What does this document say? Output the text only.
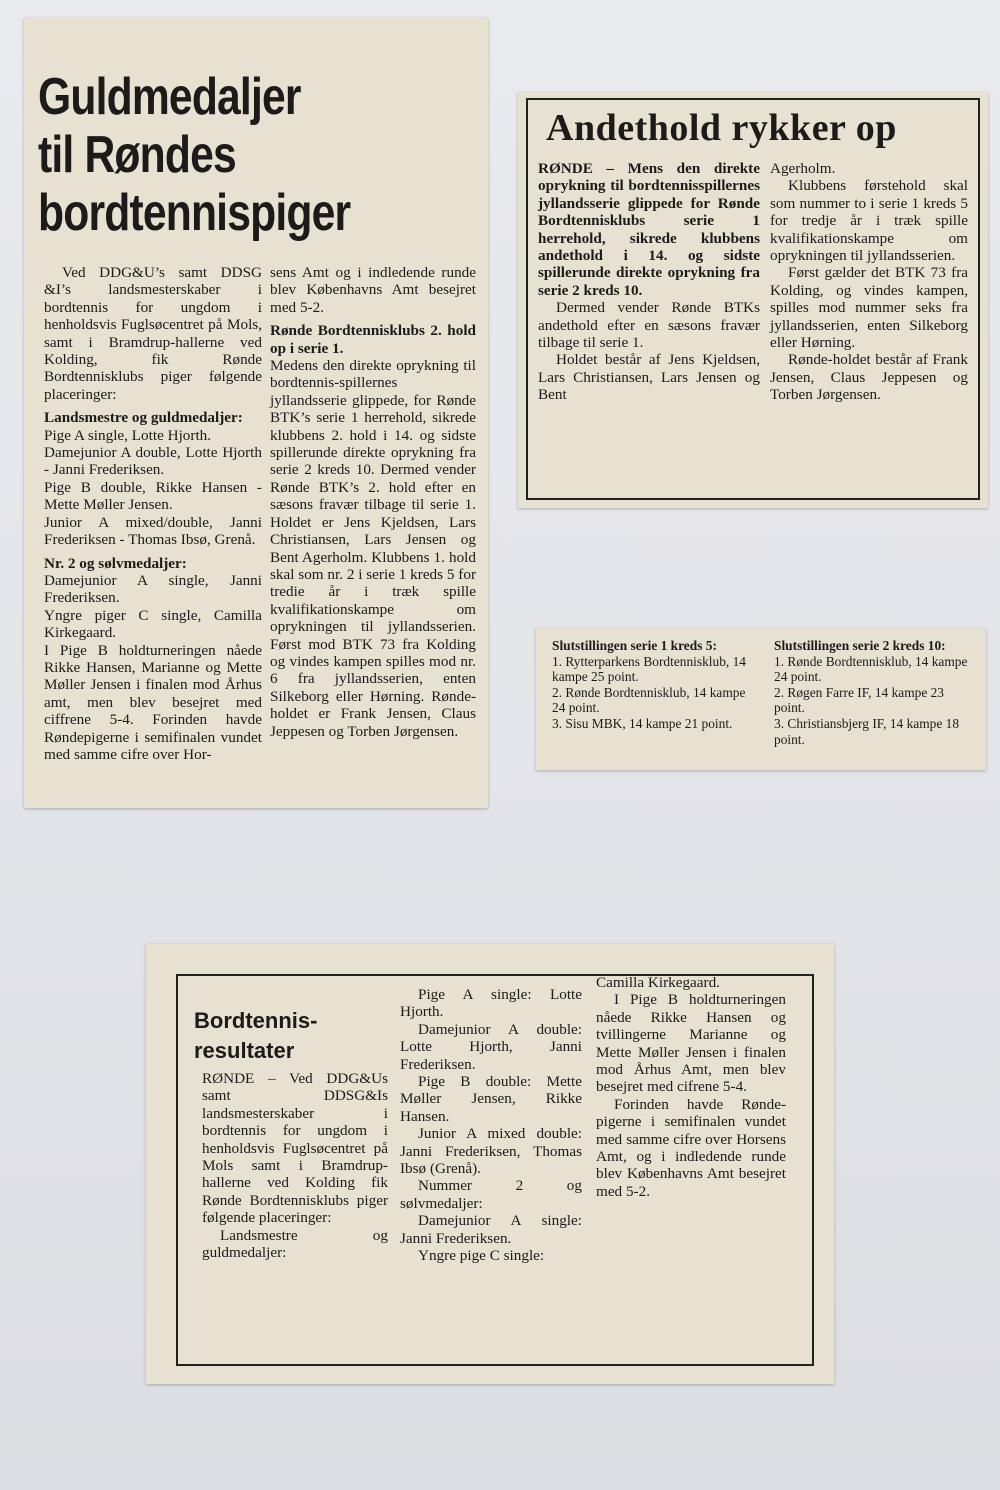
Guldmedaljer
til Røndes
bordtennispiger

Ved DDG&U’s samt DDSG &I’s landsmesterskaber i bordtennis for ungdom i henholdsvis Fuglsøcentret på Mols, samt i Bramdrup-hallerne ved Kolding, fik Rønde Bordtennisklubs piger følgende placeringer:

Landsmestre og guldmedaljer:

Pige A single, Lotte Hjorth.

Damejunior A double, Lotte Hjorth - Janni Frederiksen.

Pige B double, Rikke Hansen - Mette Møller Jensen.

Junior A mixed/double, Janni Frederiksen - Thomas Ibsø, Grenå.

Nr. 2 og sølvmedaljer:

Damejunior A single, Janni Frederiksen.

Yngre piger C single, Camilla Kirkegaard.

I Pige B holdturneringen nåede Rikke Hansen, Marianne og Mette Møller Jensen i finalen mod Århus amt, men blev besejret med ciffrene 5-4. Forinden havde Røndepigerne i semifinalen vundet med samme cifre over Hor-

sens Amt og i indledende runde blev Københavns Amt besejret med 5-2.

Rønde Bordtennisklubs 2. hold op i serie 1.

Medens den direkte oprykning til bordtennis-spillernes jyllandsserie glippede, for Rønde BTK’s serie 1 herrehold, sikrede klubbens 2. hold i 14. og sidste spillerunde direkte oprykning fra serie 2 kreds 10. Dermed vender Rønde BTK’s 2. hold efter en sæsons fravær tilbage til serie 1. Holdet er Jens Kjeldsen, Lars Christiansen, Lars Jensen og Bent Agerholm. Klubbens 1. hold skal som nr. 2 i serie 1 kreds 5 for tredie år i træk spille kvalifikationskampe om oprykningen til jyllandsserien. Først mod BTK 73 fra Kolding og vindes kampen spilles mod nr. 6 fra jyllandsserien, enten Silkeborg eller Hørning. Rønde-holdet er Frank Jensen, Claus Jeppesen og Torben Jørgensen.

Andethold rykker op

RØNDE – Mens den direkte oprykning til bordtennisspillernes jyllandsserie glippede for Rønde Bordtennisklubs serie 1 herrehold, sikrede klubbens andethold i 14. og sidste spillerunde direkte oprykning fra serie 2 kreds 10.

Dermed vender Rønde BTKs andethold efter en sæsons fravær tilbage til serie 1.

Holdet består af Jens Kjeldsen, Lars Christiansen, Lars Jensen og Bent

Agerholm.

Klubbens førstehold skal som nummer to i serie 1 kreds 5 for tredje år i træk spille kvalifikationskampe om oprykningen til jyllandsserien.

Først gælder det BTK 73 fra Kolding, og vindes kampen, spilles mod nummer seks fra jyllandsserien, enten Silkeborg eller Hørning.

Rønde-holdet består af Frank Jensen, Claus Jeppesen og Torben Jørgensen.

Slutstillingen serie 1 kreds 5:

1. Rytterparkens Bordtennisklub, 14 kampe 25 point.

2. Rønde Bordtennisklub, 14 kampe 24 point.

3. Sisu MBK, 14 kampe 21 point.

Slutstillingen serie 2 kreds 10:

1. Rønde Bordtennisklub, 14 kampe 24 point.

2. Røgen Farre IF, 14 kampe 23 point.

3. Christiansbjerg IF, 14 kampe 18 point.

Bordtennis-
resultater

RØNDE – Ved DDG&Us samt DDSG&Is landsmesterskaber i bordtennis for ungdom i henholdsvis Fuglsøcentret på Mols samt i Bramdrup-hallerne ved Kolding fik Rønde Bordtennisklubs piger følgende placeringer:

Landsmestre og guldmedaljer:

Pige A single: Lotte Hjorth.

Damejunior A double: Lotte Hjorth, Janni Frederiksen.

Pige B double: Mette Møller Jensen, Rikke Hansen.

Junior A mixed double: Janni Frederiksen, Thomas Ibsø (Grenå).

Nummer 2 og sølvmedaljer:

Damejunior A single: Janni Frederiksen.

Yngre pige C single:

Camilla Kirkegaard.

I Pige B holdturneringen nåede Rikke Hansen og tvillingerne Marianne og Mette Møller Jensen i finalen mod Århus Amt, men blev besejret med cifrene 5-4.

Forinden havde Rønde-pigerne i semifinalen vundet med samme cifre over Horsens Amt, og i indledende runde blev Københavns Amt besejret med 5-2.
